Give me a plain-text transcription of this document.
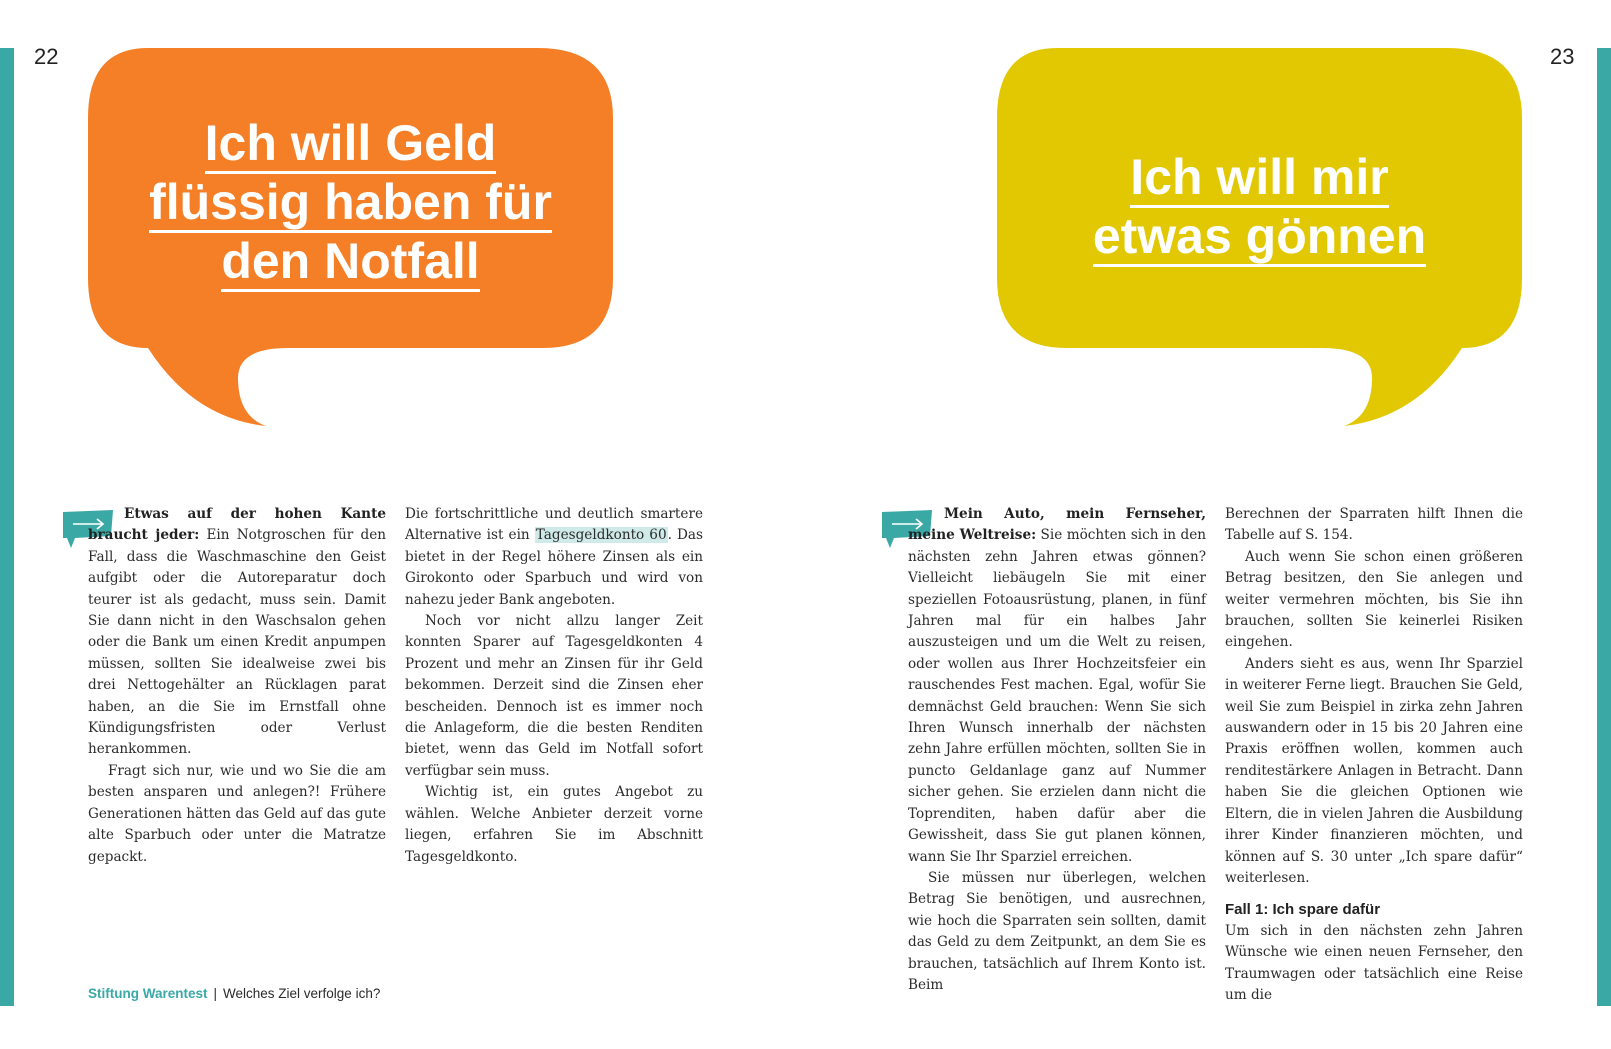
22	23
Ich will Geld
flüssig haben für
den Notfall
Ich will mir
etwas gönnen

Etwas auf der hohen Kante braucht jeder: Ein Notgroschen für den Fall, dass die Waschmaschine den Geist aufgibt oder die Autoreparatur doch teurer ist als gedacht, muss sein. Damit Sie dann nicht in den Waschsalon gehen oder die Bank um einen Kredit anpumpen müssen, sollten Sie idealweise zwei bis drei Nettogehälter an Rücklagen parat haben, an die Sie im Ernstfall ohne Kündigungsfristen oder Verlust herankommen.

Fragt sich nur, wie und wo Sie die am besten ansparen und anlegen?! Frühere Generationen hätten das Geld auf das gute alte Sparbuch oder unter die Matratze gepackt.

Die fortschrittliche und deutlich smartere Alternative ist ein Tagesgeldkonto 60. Das bietet in der Regel höhere Zinsen als ein Girokonto oder Sparbuch und wird von nahezu jeder Bank angeboten.

Noch vor nicht allzu langer Zeit konnten Sparer auf Tagesgeldkonten 4 Prozent und mehr an Zinsen für ihr Geld bekommen. Derzeit sind die Zinsen eher bescheiden. Dennoch ist es immer noch die Anlageform, die die besten Renditen bietet, wenn das Geld im Notfall sofort verfügbar sein muss.

Wichtig ist, ein gutes Angebot zu wählen. Welche Anbieter derzeit vorne liegen, erfahren Sie im Abschnitt Tagesgeldkonto.

Mein Auto, mein Fernseher, meine Weltreise: Sie möchten sich in den nächsten zehn Jahren etwas gönnen? Vielleicht liebäugeln Sie mit einer speziellen Fotoausrüstung, planen, in fünf Jahren mal für ein halbes Jahr auszusteigen und um die Welt zu reisen, oder wollen aus Ihrer Hochzeitsfeier ein rauschendes Fest machen. Egal, wofür Sie demnächst Geld brauchen: Wenn Sie sich Ihren Wunsch innerhalb der nächsten zehn Jahre erfüllen möchten, sollten Sie in puncto Geldanlage ganz auf Nummer sicher gehen. Sie erzielen dann nicht die Toprenditen, haben dafür aber die Gewissheit, dass Sie gut planen können, wann Sie Ihr Sparziel erreichen.

Sie müssen nur überlegen, welchen Betrag Sie benötigen, und ausrechnen, wie hoch die Sparraten sein sollten, damit das Geld zu dem Zeitpunkt, an dem Sie es brauchen, tatsächlich auf Ihrem Konto ist. Beim

Berechnen der Sparraten hilft Ihnen die Tabelle auf S. 154.

Auch wenn Sie schon einen größeren Betrag besitzen, den Sie anlegen und weiter vermehren möchten, bis Sie ihn brauchen, sollten Sie keinerlei Risiken eingehen.

Anders sieht es aus, wenn Ihr Sparziel in weiterer Ferne liegt. Brauchen Sie Geld, weil Sie zum Beispiel in zirka zehn Jahren auswandern oder in 15 bis 20 Jahren eine Praxis eröffnen wollen, kommen auch renditestärkere Anlagen in Betracht. Dann haben Sie die gleichen Optionen wie Eltern, die in vielen Jahren die Ausbildung ihrer Kinder finanzieren möchten, und können auf S. 30 unter „Ich spare dafür“ weiterlesen.

Fall 1: Ich spare dafür

Um sich in den nächsten zehn Jahren Wünsche wie einen neuen Fernseher, den Traumwagen oder tatsächlich eine Reise um die

Stiftung Warentest | Welches Ziel verfolge ich?
